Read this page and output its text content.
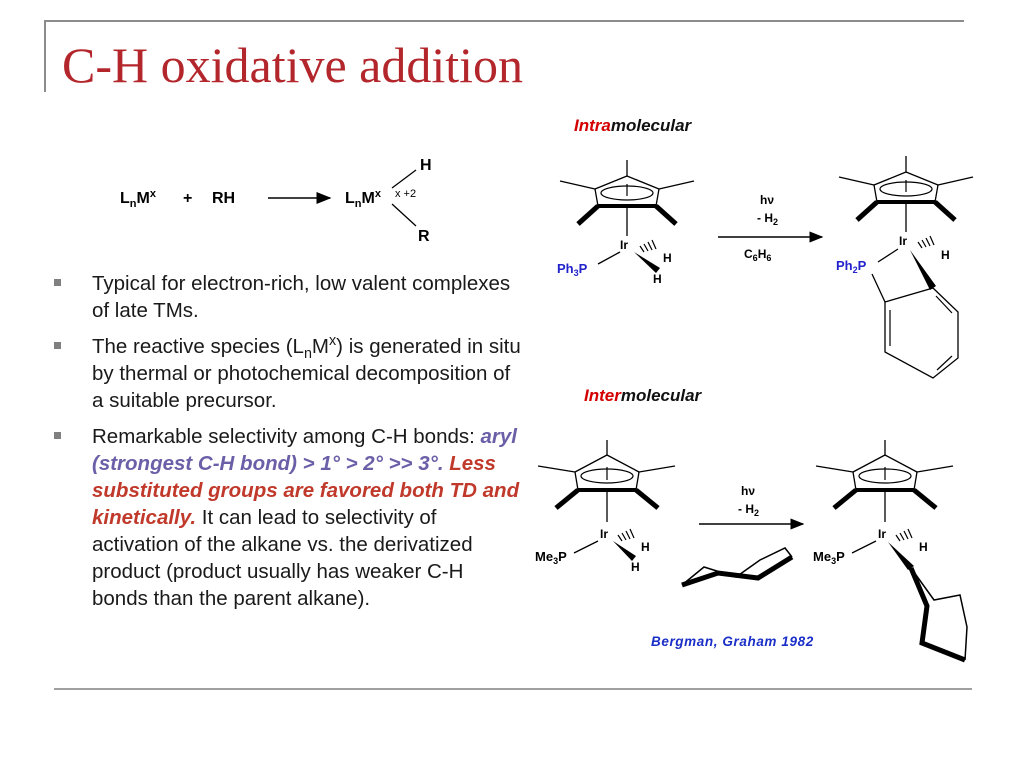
C-H oxidative addition
Typical for electron-rich, low valent complexes of late TMs.
The reactive species $(L_nM^x)$ is generated in situ by thermal or photochemical decomposition of a suitable precursor.
Remarkable selectivity among C-H bonds: aryl (strongest C-H bond) > 1° > 2° >> 3°. Less substituted groups are favored both TD and kinetically. It can lead to selectivity of activation of the alkane vs. the derivatized product (product usually has weaker C-H bonds than the parent alkane).
Intramolecular
Intermolecular
Bergman, Graham 1982
$L_nM^x$ + RH	$L_nM^x$ x +2
H
R	Ir
H
H
$Ph_3P$
hν
- $H_2$
$C_6H_6$
Ir
H
$Ph_2P$
Ir
H
H
$Me_3P$
hν
- $H_2$
Ir
H
$Me_3P$
